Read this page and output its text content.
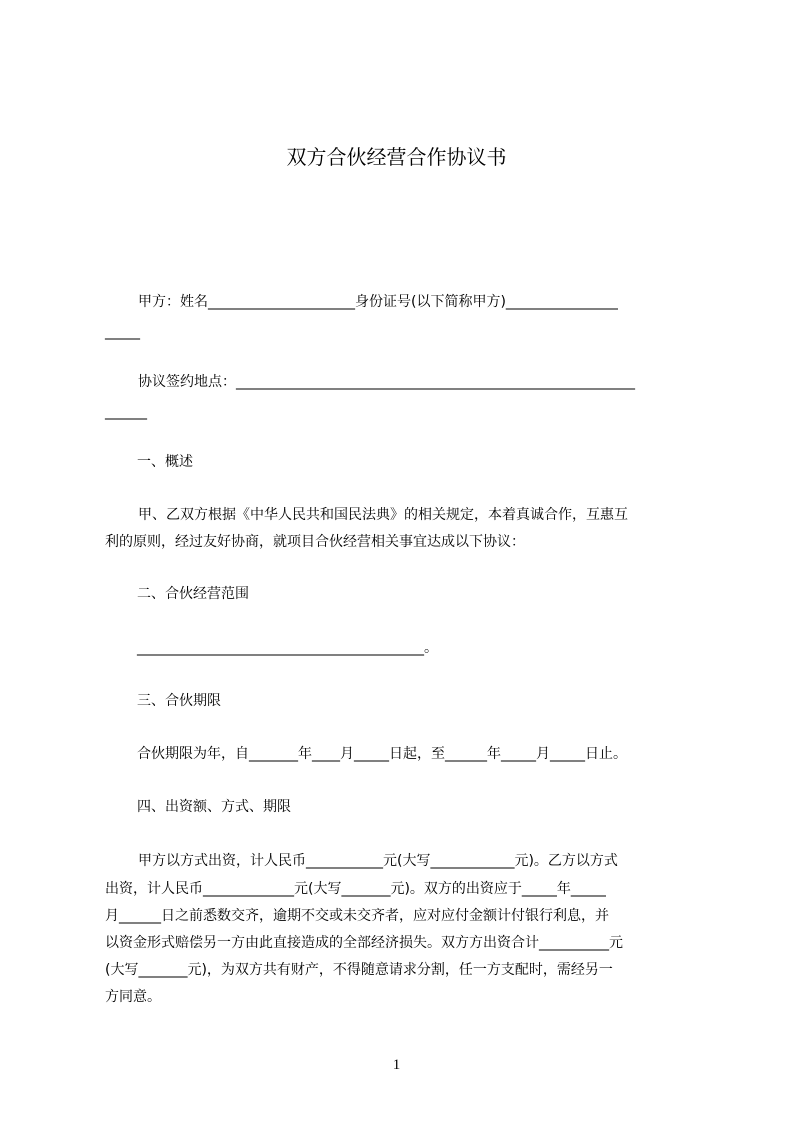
双方合伙经营合作协议书
甲方：姓名_____________________身份证号(以下简称甲方)________________
_____
协议签约地点：_________________________________________________________
______
一、概述
甲、乙双方根据《中华人民共和国民法典》的相关规定，本着真诚合作，互惠互
利的原则，经过友好协商，就项目合伙经营相关事宜达成以下协议：
二、合伙经营范围
_________________________________________。
三、合伙期限
合伙期限为年，自_______年____月_____日起，至______年_____月_____日止。
四、出资额、方式、期限
甲方以方式出资，计人民币___________元(大写____________元)。乙方以方式
出资，计人民币_____________元(大写_______元)。双方的出资应于_____年_____
月______日之前悉数交齐，逾期不交或未交齐者，应对应付金额计付银行利息，并
以资金形式赔偿另一方由此直接造成的全部经济损失。双方方出资合计__________元
(大写_______元)，为双方共有财产，不得随意请求分割，任一方支配时，需经另一
方同意。
1
